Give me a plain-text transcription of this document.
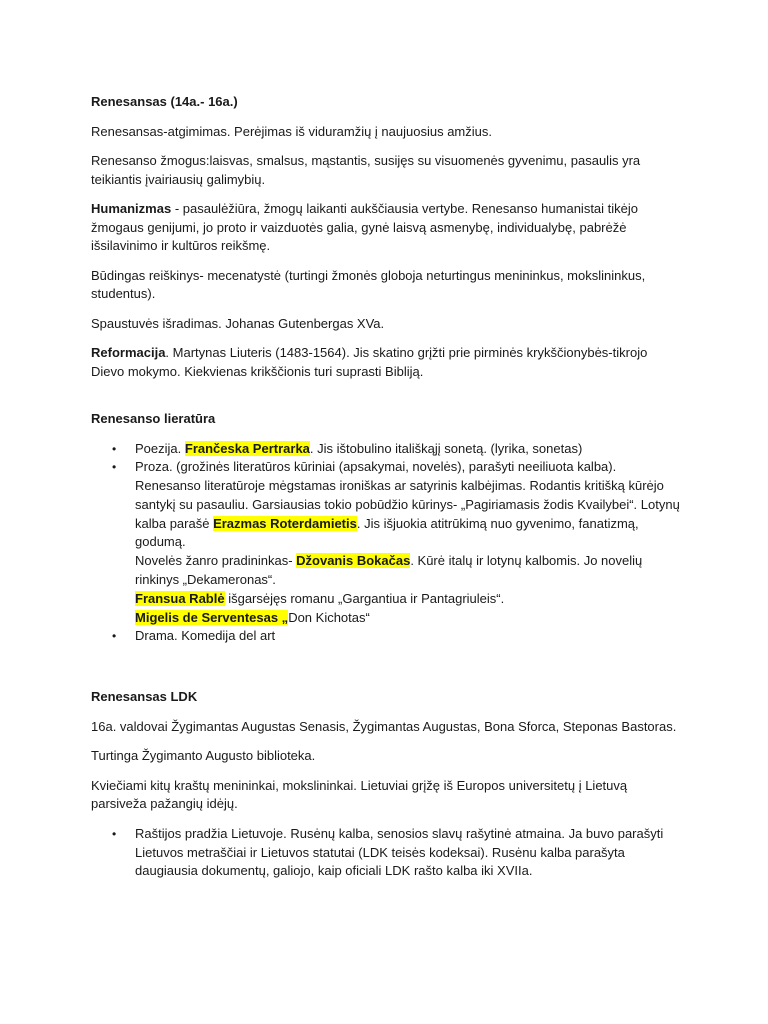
Renesansas (14a.- 16a.)

Renesansas-atgimimas. Perėjimas iš viduramžių į naujuosius amžius.

Renesanso žmogus:laisvas, smalsus, mąstantis, susijęs su visuomenės gyvenimu, pasaulis yra teikiantis įvairiausių galimybių.

Humanizmas - pasaulėžiūra, žmogų laikanti aukščiausia vertybe. Renesanso humanistai tikėjo žmogaus genijumi, jo proto ir vaizduotės galia, gynė laisvą asmenybę, individualybę, pabrėžė išsilavinimo ir kultūros reikšmę.

Būdingas reiškinys- mecenatystė (turtingi žmonės globoja neturtingus menininkus, mokslininkus, studentus).

Spaustuvės išradimas. Johanas Gutenbergas XVa.

Reformacija. Martynas Liuteris (1483-1564). Jis skatino grįžti prie pirminės krykščionybės-tikrojo Dievo mokymo. Kiekvienas krikščionis turi suprasti Bibliją.

Renesanso lieratūra

• Poezija. Frančeska Pertrarka. Jis ištobulino itališkąjį sonetą. (lyrika, sonetas)
• Proza. (grožinės literatūros kūriniai (apsakymai, novelės), parašyti neeiliuota kalba). Renesanso literatūroje mėgstamas ironiškas ar satyrinis kalbėjimas. Rodantis kritišką kūrėjo santykį su pasauliu. Garsiausias tokio pobūdžio kūrinys- „Pagiriamasis žodis Kvailybei“. Lotynų kalba parašė Erazmas Roterdamietis. Jis išjuokia atitrūkimą nuo gyvenimo, fanatizmą, godumą.
Novelės žanro pradininkas- Džovanis Bokačas. Kūrė italų ir lotynų kalbomis. Jo novelių rinkinys „Dekameronas“.
Fransua Rablė išgarsėjęs romanu „Gargantiua ir Pantagriuleis“.
Migelis de Serventesas „Don Kichotas“
• Drama. Komedija del art

Renesansas LDK

16a. valdovai Žygimantas Augustas Senasis, Žygimantas Augustas, Bona Sforca, Steponas Bastoras.

Turtinga Žygimanto Augusto biblioteka.

Kviečiami kitų kraštų menininkai, mokslininkai. Lietuviai grįžę iš Europos universitetų į Lietuvą parsiveža pažangių idėjų.

• Raštijos pradžia Lietuvoje. Rusėnų kalba, senosios slavų rašytinė atmaina. Ja buvo parašyti Lietuvos metraščiai ir Lietuvos statutai (LDK teisės kodeksai). Rusėnu kalba parašyta daugiausia dokumentų, galiojo, kaip oficiali LDK rašto kalba iki XVIIa.
